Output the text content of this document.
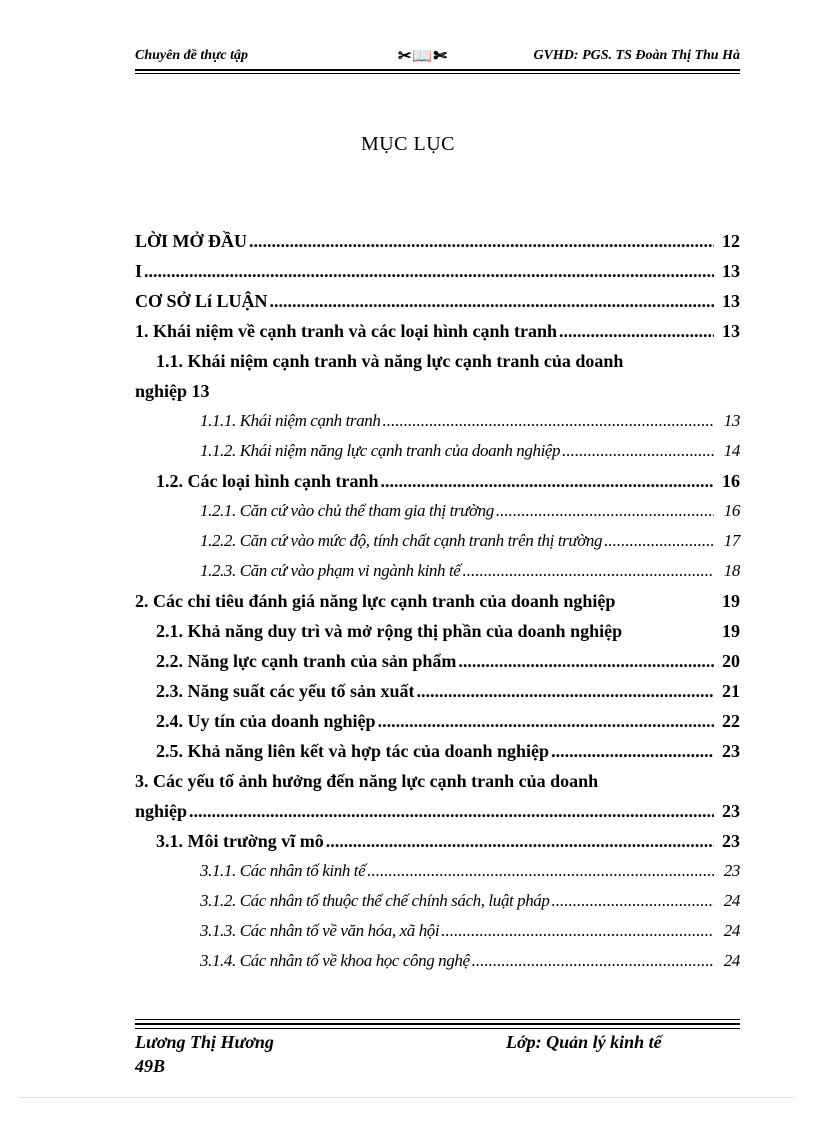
Chuyên đề thực tập	✂📖✄	GVHD: PGS. TS Đoàn Thị Thu Hà
MỤC LỤC
LỜI MỞ ĐẦU .....	12
I .....	13
CƠ SỞ Lí LUẬN .....	13
1. Khái niệm về cạnh tranh và các loại hình cạnh tranh .....	13
1.1. Khái niệm cạnh tranh và năng lực cạnh tranh của doanh
nghiệp 13
1.1.1. Khái niệm cạnh tranh .....	13
1.1.2. Khái niệm năng lực cạnh tranh của doanh nghiệp .....	14
1.2. Các loại hình cạnh tranh .....	16
1.2.1. Căn cứ vào chủ thể tham gia thị trường .....	16
1.2.2. Căn cứ vào mức độ, tính chất cạnh tranh trên thị trường .....	17
1.2.3. Căn cứ vào phạm vi ngành kinh tế .....	18
2. Các chỉ tiêu đánh giá năng lực cạnh tranh của doanh nghiệp	19
2.1. Khả năng duy trì và mở rộng thị phần của doanh nghiệp	19
2.2. Năng lực cạnh tranh của sản phẩm .....	20
2.3. Năng suất các yếu tố sản xuất .....	21
2.4. Uy tín của doanh nghiệp .....	22
2.5. Khả năng liên kết và hợp tác của doanh nghiệp .....	23
3. Các yếu tố ảnh hưởng đến năng lực cạnh tranh của doanh
nghiệp .....	23
3.1. Môi trường vĩ mô .....	23
3.1.1. Các nhân tố kinh tế .....	23
3.1.2. Các nhân tố thuộc thể chế chính sách, luật pháp .....	24
3.1.3. Các nhân tố về văn hóa, xã hội .....	24
3.1.4. Các nhân tố về khoa học công nghệ .....	24
Lương Thị Hương
49B
Lớp: Quản lý kinh tế
